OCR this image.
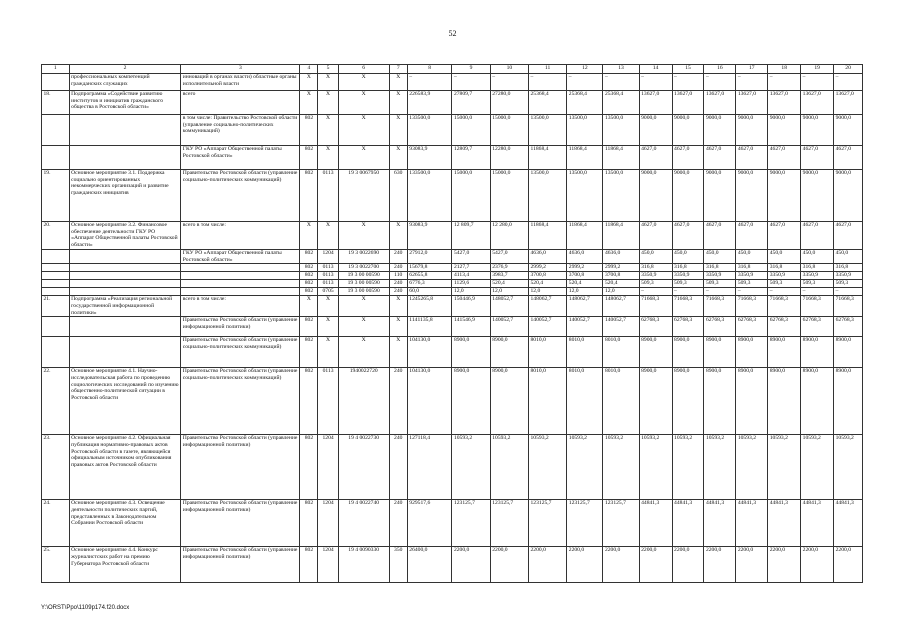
52
1	2	3	4	5	6	7	8	9	10	11	12	13	14	15	16	17	18	19	20
	профессиональных компетенций гражданских служащих	инноваций в органах власти) областные органы исполнительной власти	X	X	X	X	–	–	–	–	–	–	–	–	–	–	–	–	–
18.	Подпрограмма «Содействие развитию институтов и инициатив гражданского общества в Ростовской области»	всего	X	X	X	X	226583,9	27809,7	27280,0	25368,4	25368,4	25368,4	13627,0	13627,0	13627,0	13627,0	13627,0	13627,0	13627,0
		в том числе: Правительство Ростовской области (управление социально-политических коммуникаций)	802	X	X	X	133500,0	15000,0	15000,0	13500,0	13500,0	13500,0	9000,0	9000,0	9000,0	9000,0	9000,0	9000,0	9000,0
		ГКУ РО «Аппарат Общественной палаты Ростовской области»	802	X	X	X	93083,9	12809,7	12280,0	11868,4	11868,4	11868,4	4627,0	4627,0	4627,0	4627,0	4627,0	4627,0	4627,0
19.	Основное мероприятие 3.1. Поддержка социально ориентированных некоммерческих организаций и развитие гражданских инициатив	Правительство Ростовской области (управление социально-политических коммуникаций)	802	0113	19 3 0067950	630	133500,0	15000,0	15000,0	13500,0	13500,0	13500,0	9000,0	9000,0	9000,0	9000,0	9000,0	9000,0	9000,0
20.	Основное мероприятие 3.2. Финансовое обеспечение деятельности ГКУ РО «Аппарат Общественной палаты Ростовской области»	всего в том числе:	X	X	X	X	93083,9	12 809,7	12 280,0	11868,4	11868,4	11868,4	4627,0	4627,0	4627,0	4627,0	4627,0	4627,0	4627,0
		ГКУ РО «Аппарат Общественной палаты Ростовской области»	802	1204	19 3 0022690	240	27912,0	5427,0	5427,0	4636,0	4636,0	4636,0	450,0	450,0	450,0	450,0	450,0	450,0	450,0
			802	0113	19 3 0022700	240	15679,8	2127,7	2376,9	2999,2	2999,2	2999,2	316,8	316,8	316,8	316,8	316,8	316,8	316,8
			802	0113	19 3 00 00590	110	62655,8	4113,4	3983,7	3700,8	3700,8	3700,8	3350,9	3350,9	3350,9	3350,9	3350,9	3350,9	3350,9
			802	0113	19 3 00 00590	240	6776,3	1129,6	520,4	520,4	520,4	520,4	509,3	509,3	509,3	509,3	509,3	509,3	509,3
			802	0705	19 3 00 00590	240	60,0	12,0	12,0	12,0	12,0	12,0	–	–	–	–	–	–	–
21.	Подпрограмма «Реализация региональной государственной информационной политики»	всего в том числе:	X	X	X	X	1245265,8	150446,9	148052,7	148062,7	148062,7	148062,7	71668,3	71668,3	71668,3	71668,3	71668,3	71668,3	71668,3
		Правительство Ростовской области (управление информационной политики)	802	X	X	X	1141135,8	141546,9	140052,7	140052,7	140052,7	140052,7	62768,3	62768,3	62768,3	62768,3	62768,3	62768,3	62768,3
		Правительство Ростовской области (управление социально-политических коммуникаций)	802	X	X	X	104130,0	8900,0	8900,0	8010,0	8010,0	8010,0	8900,0	8900,0	8900,0	8900,0	8900,0	8900,0	8900,0
22.	Основное мероприятие 4.1. Научно-исследовательская работа по проведению социологических исследований по изучению общественно-политической ситуации в Ростовской области	Правительство Ростовской области (управление социально-политических коммуникаций)	802	0113	1940022720	240	104130,0	8900,0	8900,0	8010,0	8010,0	8010,0	8900,0	8900,0	8900,0	8900,0	8900,0	8900,0	8900,0
23.	Основное мероприятие 4.2. Официальная публикация нормативно-правовых актов Ростовской области в газете, являющейся официальным источником опубликования правовых актов Ростовской области	Правительство Ростовской области (управление информационной политики)	802	1204	19 4 0022730	240	127118,4	10593,2	10593,2	10593,2	10593,2	10593,2	10593,2	10593,2	10593,2	10593,2	10593,2	10593,2	10593,2
24.	Основное мероприятие 4.3. Освещение деятельности политических партий, представленных в Законодательном Собрании Ростовской области	Правительство Ростовской области (управление информационной политики)	802	1204	19 4 0022740	240	929517,6	123125,7	123125,7	123125,7	123125,7	123125,7	44841,3	44841,3	44841,3	44841,3	44841,3	44841,3	44841,3
25.	Основное мероприятие 4.4. Конкурс журналистских работ на премию Губернатора Ростовской области	Правительство Ростовской области (управление информационной политики)	802	1204	19 4 0090330	350	26400,0	2200,0	2200,0	2200,0	2200,0	2200,0	2200,0	2200,0	2200,0	2200,0	2200,0	2200,0	2200,0
Y:\ORST\Ppo\1109p174.f20.docx
